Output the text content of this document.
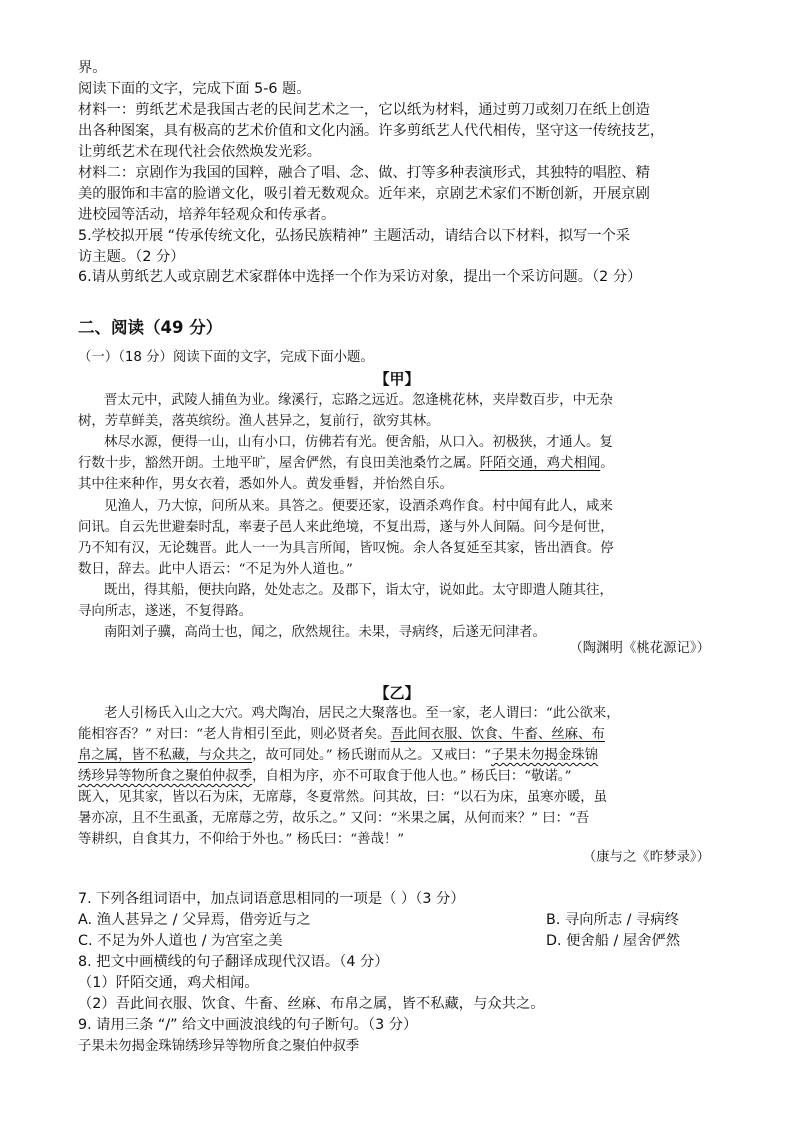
界。
阅读下面的文字，完成下面 5-6 题。
材料一：剪纸艺术是我国古老的民间艺术之一，它以纸为材料，通过剪刀或刻刀在纸上创造
出各种图案，具有极高的艺术价值和文化内涵。许多剪纸艺人代代相传，坚守这一传统技艺，
让剪纸艺术在现代社会依然焕发光彩。
材料二：京剧作为我国的国粹，融合了唱、念、做、打等多种表演形式，其独特的唱腔、精
美的服饰和丰富的脸谱文化，吸引着无数观众。近年来，京剧艺术家们不断创新，开展京剧
进校园等活动，培养年轻观众和传承者。
5.学校拟开展 “传承传统文化，弘扬民族精神” 主题活动，请结合以下材料，拟写一个采
访主题。（2 分）
6.请从剪纸艺人或京剧艺术家群体中选择一个作为采访对象，提出一个采访问题。（2 分）
二、阅读（49 分）
（一）（18 分）阅读下面的文字，完成下面小题。
【甲】
晋太元中，武陵人捕鱼为业。缘溪行，忘路之远近。忽逢桃花林，夹岸数百步，中无杂
树，芳草鲜美，落英缤纷。渔人甚异之，复前行，欲穷其林。
林尽水源，便得一山，山有小口，仿佛若有光。便舍船，从口入。初极狭，才通人。复
行数十步，豁然开朗。土地平旷，屋舍俨然，有良田美池桑竹之属。阡陌交通，鸡犬相闻。
其中往来种作，男女衣着，悉如外人。黄发垂髫，并怡然自乐。
见渔人，乃大惊，问所从来。具答之。便要还家，设酒杀鸡作食。村中闻有此人，咸来
问讯。自云先世避秦时乱，率妻子邑人来此绝境，不复出焉，遂与外人间隔。问今是何世，
乃不知有汉，无论魏晋。此人一一为具言所闻，皆叹惋。余人各复延至其家，皆出酒食。停
数日，辞去。此中人语云：“不足为外人道也。”
既出，得其船，便扶向路，处处志之。及郡下，诣太守，说如此。太守即遣人随其往，
寻向所志，遂迷，不复得路。
南阳刘子骥，高尚士也，闻之，欣然规往。未果，寻病终，后遂无问津者。
（陶渊明《桃花源记》）
【乙】
老人引杨氏入山之大穴。鸡犬陶冶，居民之大聚落也。至一家，老人谓曰：“此公欲来，
能相容否？” 对曰：“老人肯相引至此，则必贤者矣。吾此间衣服、饮食、牛畜、丝麻、布
帛之属，皆不私藏，与众共之，故可同处。” 杨氏谢而从之。又戒曰：“子果未勿揭金珠锦
绣珍异等物所食之聚伯仲叔季，自相为序，亦不可取食于他人也。” 杨氏曰：“敬诺。”
既入，见其家，皆以石为床，无席蓐，冬夏常然。问其故，曰：“以石为床，虽寒亦暖，虽
暑亦凉，且不生虱蚤，无席蓐之劳，故乐之。” 又问：“米果之属，从何而来？” 曰：“吾
等耕织，自食其力，不仰给于外也。” 杨氏曰：“善哉！”
（康与之《昨梦录》）
7. 下列各组词语中，加点词语意思相同的一项是（ ）（3 分）
A. 渔人甚异之 / 父异焉，借旁近与之	B. 寻向所志 / 寻病终
C. 不足为外人道也 / 为宫室之美	D. 便舍船 / 屋舍俨然
8. 把文中画横线的句子翻译成现代汉语。（4 分）
（1）阡陌交通，鸡犬相闻。
（2）吾此间衣服、饮食、牛畜、丝麻、布帛之属，皆不私藏，与众共之。
9. 请用三条 “/” 给文中画波浪线的句子断句。（3 分）
子果未勿揭金珠锦绣珍异等物所食之聚伯仲叔季
